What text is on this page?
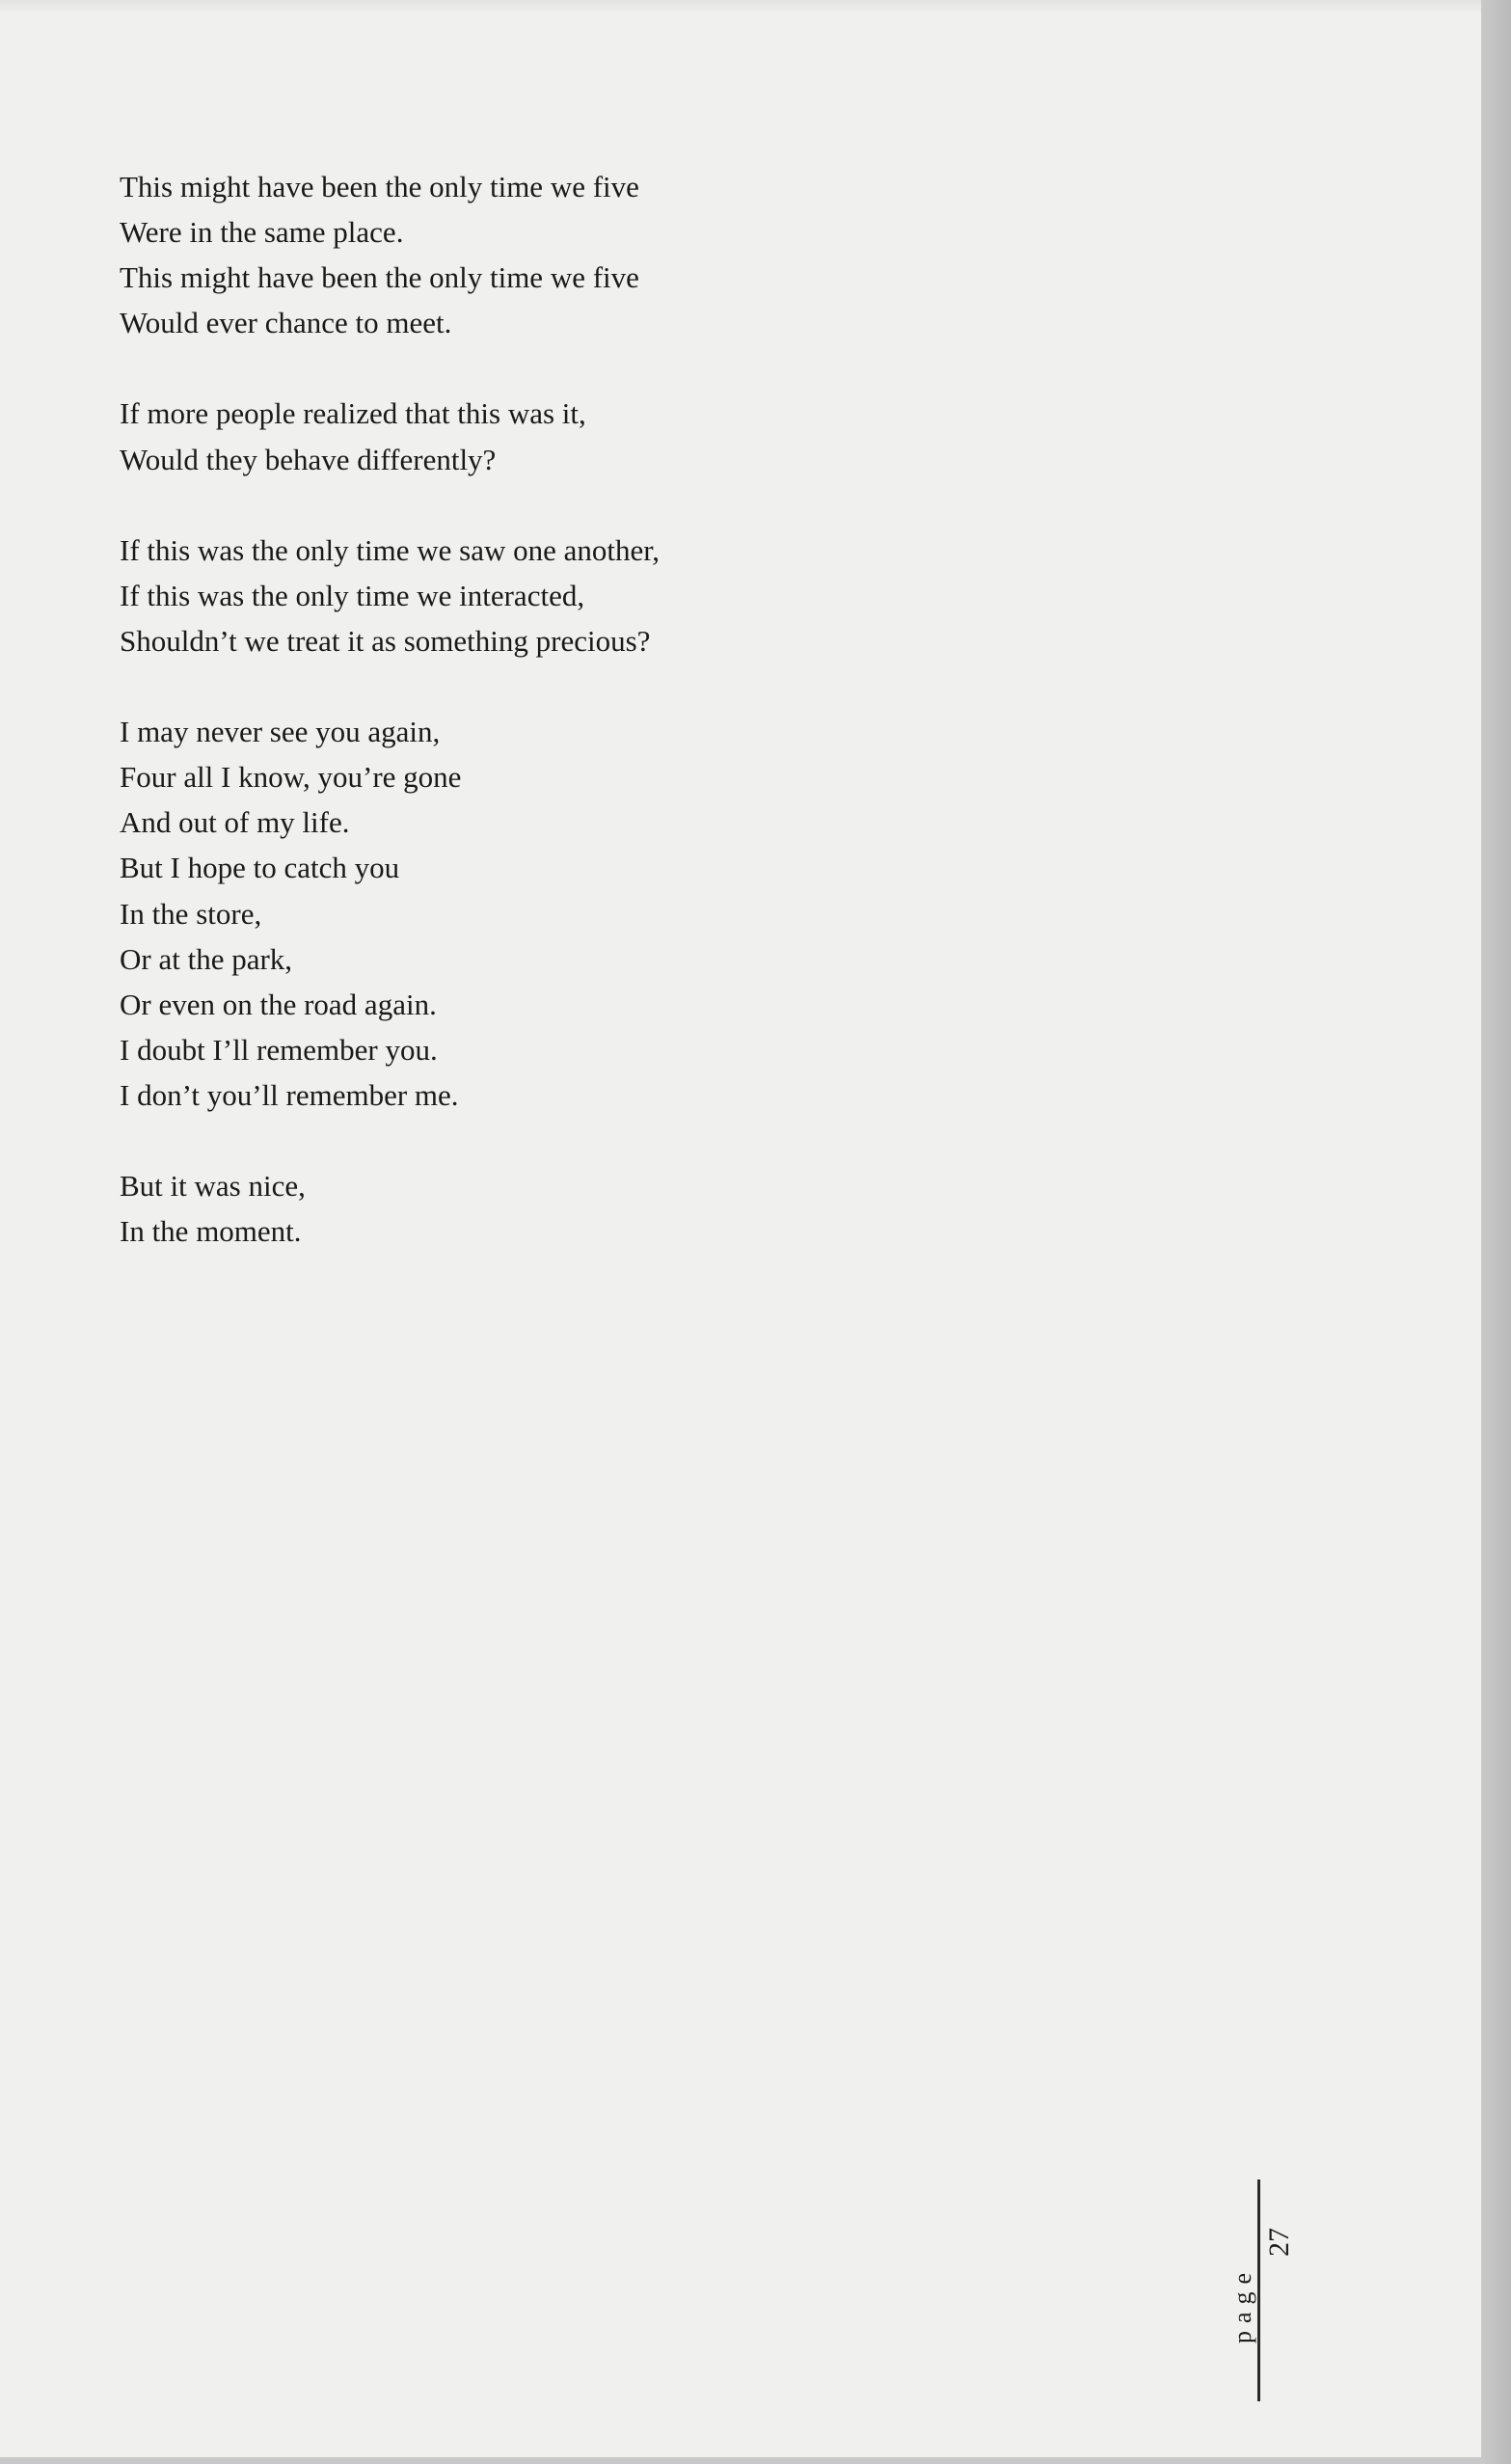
This might have been the only time we five
Were in the same place.
This might have been the only time we five
Would ever chance to meet.
If more people realized that this was it,
Would they behave differently?
If this was the only time we saw one another,
If this was the only time we interacted,
Shouldn’t we treat it as something precious?
I may never see you again,
Four all I know, you’re gone
And out of my life.
But I hope to catch you
In the store,
Or at the park,
Or even on the road again.
I doubt I’ll remember you.
I don’t you’ll remember me.
But it was nice,
In the moment.
page
27
